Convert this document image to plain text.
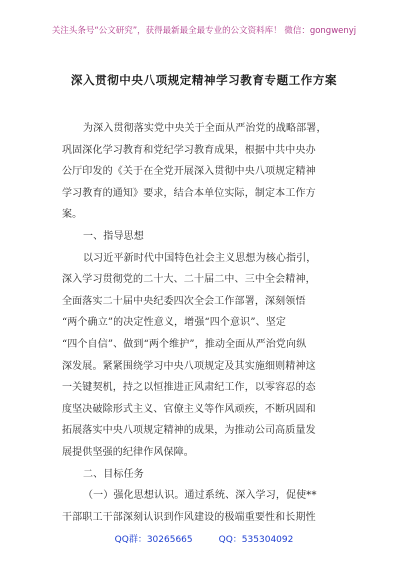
关注头条号“公文研究”，获得最新最全最专业的公文资料库！ 微信：gongwenyj
深入贯彻中央八项规定精神学习教育专题工作方案
为深入贯彻落实党中央关于全面从严治党的战略部署，
巩固深化学习教育和党纪学习教育成果，根据中共中央办
公厅印发的《关于在全党开展深入贯彻中央八项规定精神
学习教育的通知》要求，结合本单位实际，制定本工作方
案。
一、指导思想
以习近平新时代中国特色社会主义思想为核心指引，
深入学习贯彻党的二十大、二十届二中、三中全会精神，
全面落实二十届中央纪委四次全会工作部署，深刻领悟
“两个确立”的决定性意义，增强“四个意识”、坚定
“四个自信”、做到“两个维护”，推动全面从严治党向纵
深发展。紧紧围绕学习中央八项规定及其实施细则精神这
一关键契机，持之以恒推进正风肃纪工作，以零容忍的态
度坚决破除形式主义、官僚主义等作风顽疾，不断巩固和
拓展落实中央八项规定精神的成果，为推动公司高质量发
展提供坚强的纪律作风保障。
二、目标任务
（一）强化思想认识。通过系统、深入学习，促使**
干部职工干部深刻认识到作风建设的极端重要性和长期性
QQ群：30265665	QQ：535304092
